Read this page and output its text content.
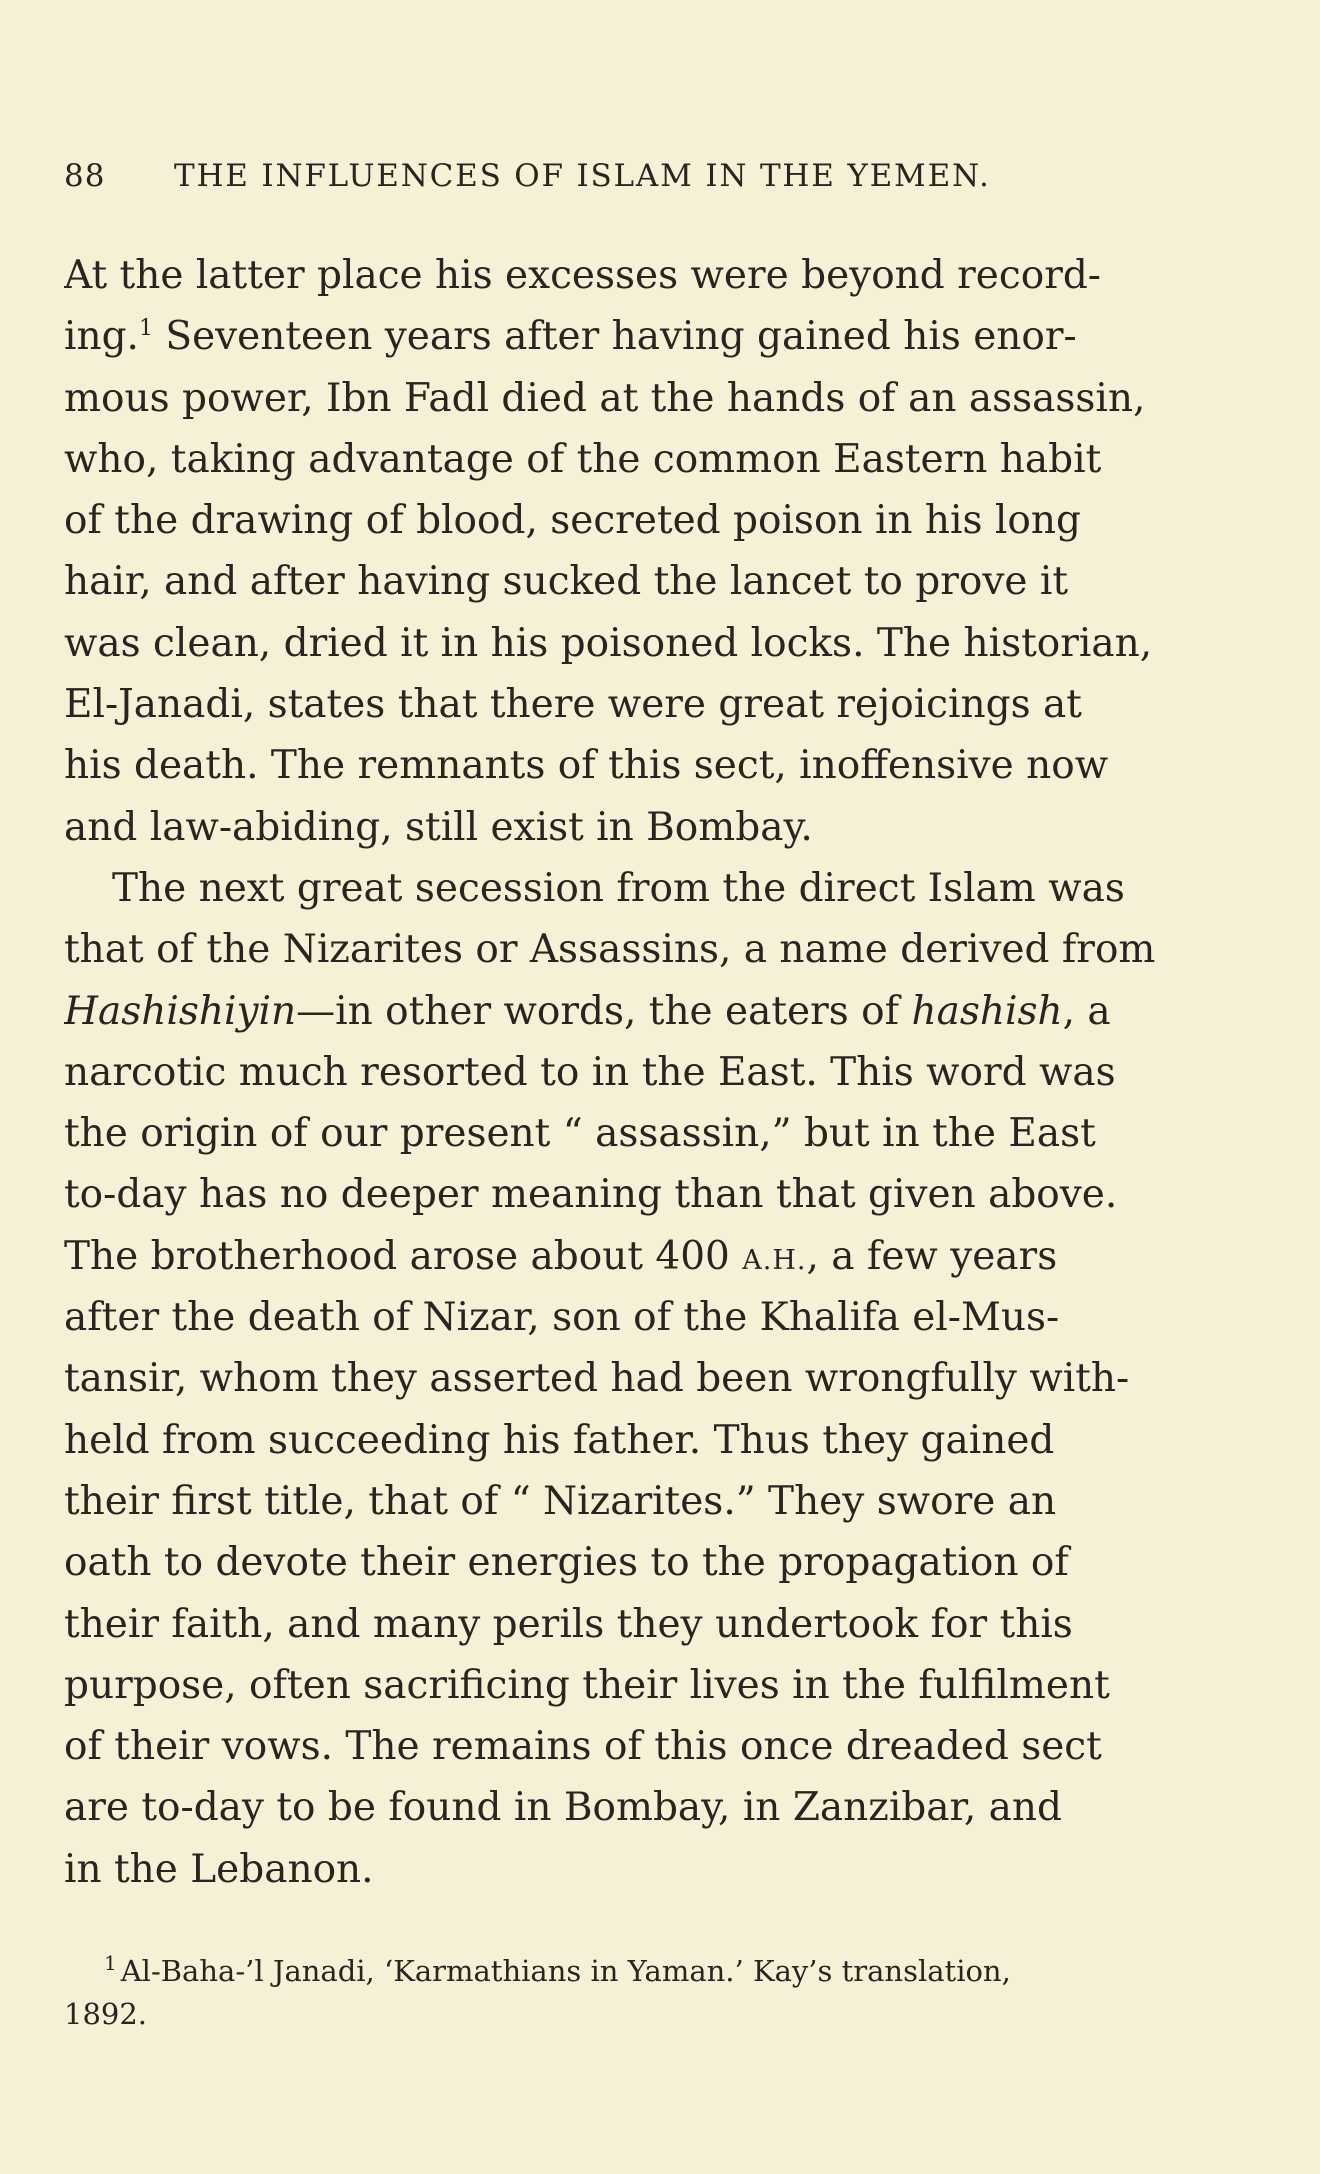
88 THE INFLUENCES OF ISLAM IN THE YEMEN.
At the latter place his excesses were beyond record-
ing.$^1$ Seventeen years after having gained his enor-
mous power, Ibn Fadl died at the hands of an assassin,
who, taking advantage of the common Eastern habit
of the drawing of blood, secreted poison in his long
hair, and after having sucked the lancet to prove it
was clean, dried it in his poisoned locks. The historian,
El-Janadi, states that there were great rejoicings at
his death. The remnants of this sect, inoffensive now
and law-abiding, still exist in Bombay.
The next great secession from the direct Islam was
that of the Nizarites or Assassins, a name derived from
Hashishiyin—in other words, the eaters of hashish, a
narcotic much resorted to in the East. This word was
the origin of our present “ assassin,” but in the East
to-day has no deeper meaning than that given above.
The brotherhood arose about 400 A.H., a few years
after the death of Nizar, son of the Khalifa el-Mus-
tansir, whom they asserted had been wrongfully with-
held from succeeding his father. Thus they gained
their first title, that of “ Nizarites.” They swore an
oath to devote their energies to the propagation of
their faith, and many perils they undertook for this
purpose, often sacrificing their lives in the fulfilment
of their vows. The remains of this once dreaded sect
are to-day to be found in Bombay, in Zanzibar, and
in the Lebanon.
$^1$ Al-Baha-’l Janadi, ‘Karmathians in Yaman.’ Kay’s translation,
1892.
